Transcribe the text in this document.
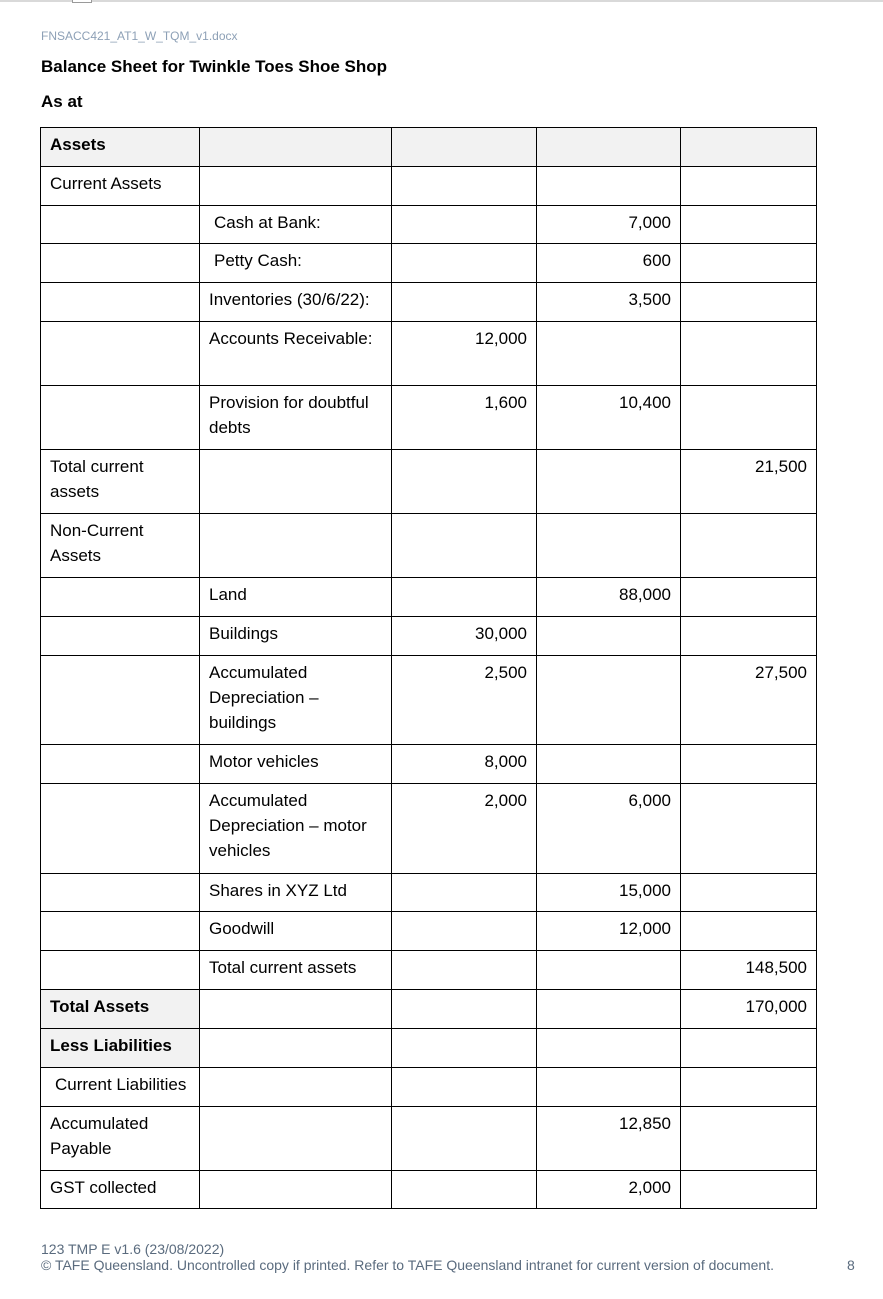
FNSACC421_AT1_W_TQM_v1.docx
Balance Sheet for Twinkle Toes Shoe Shop
As at
Assets				
Current Assets				
	Cash at Bank:		7,000	
	Petty Cash:		600	
	Inventories (30/6/22):		3,500	
	Accounts Receivable:	12,000		
	Provision for doubtful debts	1,600	10,400	
Total current assets				21,500
Non-Current Assets				
	Land		88,000	
	Buildings	30,000		
	Accumulated Depreciation – buildings	2,500		27,500
	Motor vehicles	8,000		
	Accumulated Depreciation – motor vehicles	2,000	6,000	
	Shares in XYZ Ltd		15,000	
	Goodwill		12,000	
	Total current assets			148,500
Total Assets				170,000
Less Liabilities				
Current Liabilities				
Accumulated Payable			12,850	
GST collected			2,000	
123 TMP E v1.6 (23/08/2022)
© TAFE Queensland. Uncontrolled copy if printed. Refer to TAFE Queensland intranet for current version of document.	8
